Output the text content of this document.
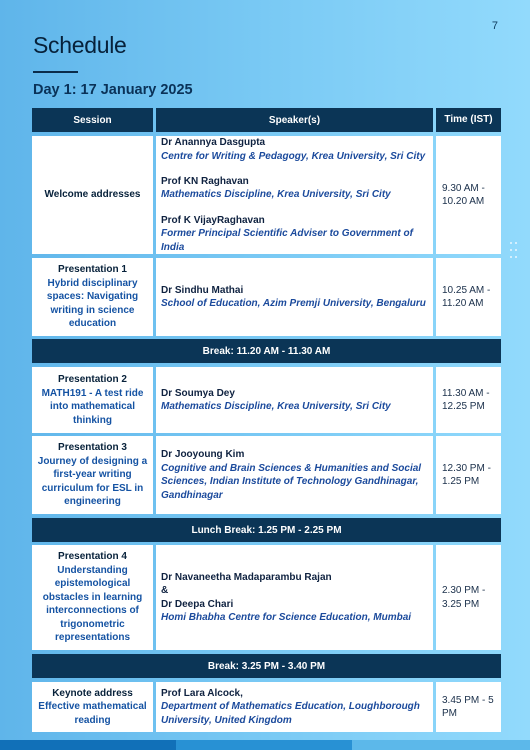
7
Schedule
Day 1: 17 January 2025
Session	Speaker(s)	Time (IST)
Welcome addresses
Dr Anannya Dasgupta
Centre for Writing & Pedagogy, Krea University, Sri City
Prof KN Raghavan
Mathematics Discipline, Krea University, Sri City
Prof K VijayRaghavan
Former Principal Scientific Adviser to Government of India
9.30 AM - 10.20 AM
Presentation 1
Hybrid disciplinary spaces: Navigating writing in science education
Dr Sindhu Mathai
School of Education, Azim Premji University, Bengaluru
10.25 AM - 11.20 AM
Break: 11.20 AM - 11.30 AM
Presentation 2
MATH191 - A test ride into mathematical thinking
Dr Soumya Dey
Mathematics Discipline, Krea University, Sri City
11.30 AM - 12.25 PM
Presentation 3
Journey of designing a first-year writing curriculum for ESL in engineering
Dr Jooyoung Kim
Cognitive and Brain Sciences & Humanities and Social Sciences, Indian Institute of Technology Gandhinagar, Gandhinagar
12.30 PM - 1.25 PM
Lunch Break: 1.25 PM - 2.25 PM
Presentation 4
Understanding epistemological obstacles in learning interconnections of trigonometric representations
Dr Navaneetha Madaparambu Rajan
&
Dr Deepa Chari
Homi Bhabha Centre for Science Education, Mumbai
2.30 PM - 3.25 PM
Break: 3.25 PM - 3.40 PM
Keynote address
Effective mathematical reading
Prof Lara Alcock,
Department of Mathematics Education, Loughborough University, United Kingdom
3.45 PM - 5 PM
